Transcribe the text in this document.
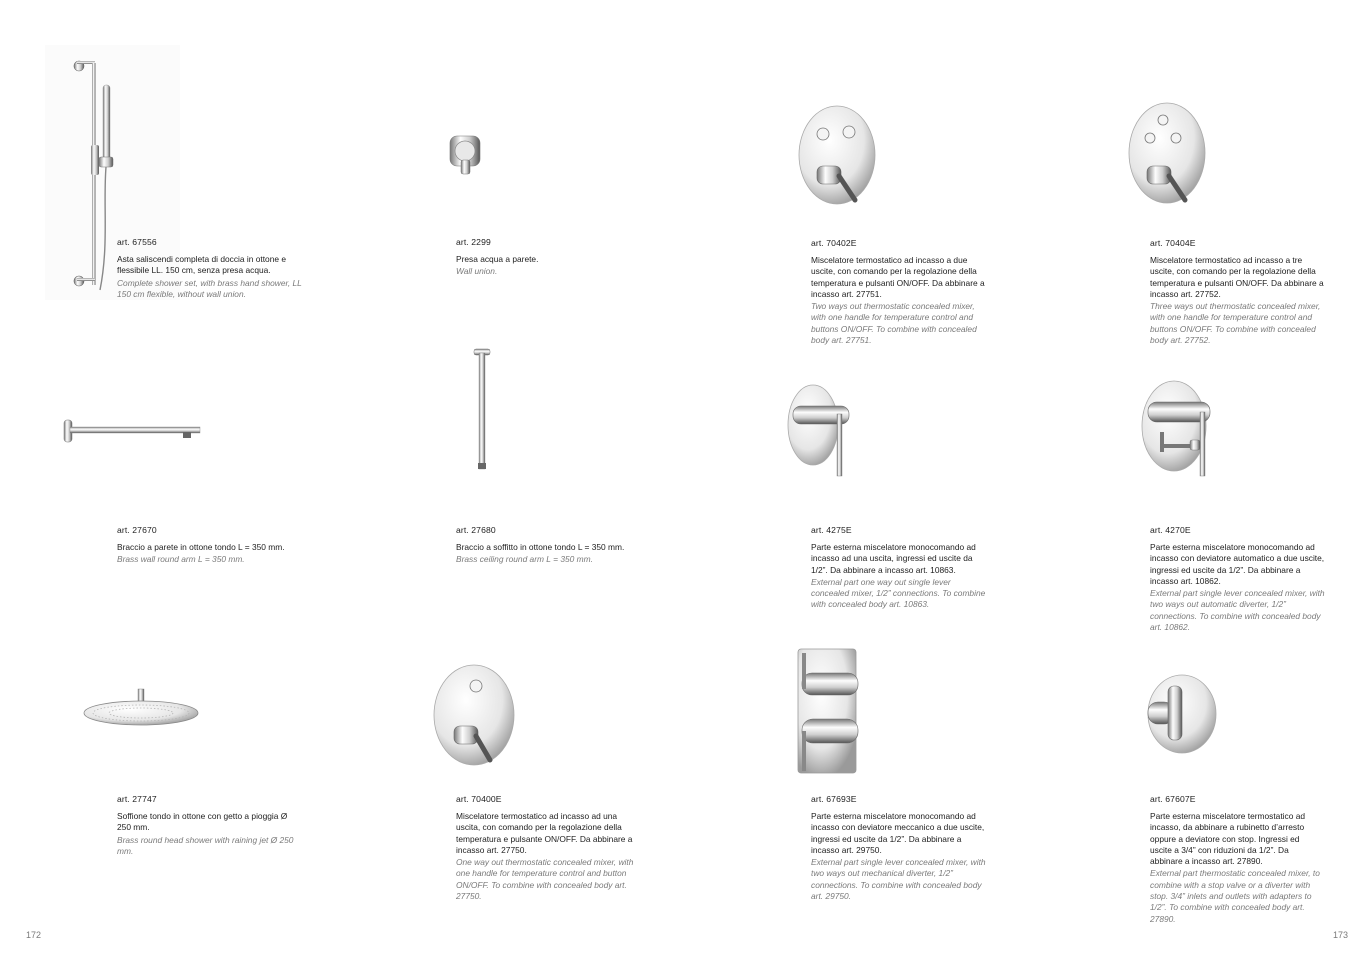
art. 67556

Asta saliscendi completa di doccia in ottone e flessibile LL. 150 cm, senza presa acqua.

Complete shower set, with brass hand shower, LL 150 cm flexible, without wall union.

art. 2299

Presa acqua a parete.

Wall union.

art. 70402E

Miscelatore termostatico ad incasso a due uscite, con comando per la regolazione della temperatura e pulsanti ON/OFF. Da abbinare a incasso art. 27751.

Two ways out thermostatic concealed mixer, with one handle for temperature control and buttons ON/OFF. To combine with concealed body art. 27751.

art. 70404E

Miscelatore termostatico ad incasso a tre uscite, con comando per la regolazione della temperatura e pulsanti ON/OFF. Da abbinare a incasso art. 27752.

Three ways out thermostatic concealed mixer, with one handle for temperature control and buttons ON/OFF. To combine with concealed body art. 27752.

art. 27670

Braccio a parete in ottone tondo L = 350 mm.

Brass wall round arm L = 350 mm.

art. 27680

Braccio a soffitto in ottone tondo L = 350 mm.

Brass ceiling round arm L = 350 mm.

art. 4275E

Parte esterna miscelatore monocomando ad incasso ad una uscita, ingressi ed uscite da 1/2”. Da abbinare a incasso art. 10863.

External part one way out single lever concealed mixer, 1/2” connections. To combine with concealed body art. 10863.

art. 4270E

Parte esterna miscelatore monocomando ad incasso con deviatore automatico a due uscite, ingressi ed uscite da 1/2”. Da abbinare a incasso art. 10862.

External part single lever concealed mixer, with two ways out automatic diverter, 1/2” connections. To combine with concealed body art. 10862.

art. 27747

Soffione tondo in ottone con getto a pioggia Ø 250 mm.

Brass round head shower with raining jet Ø 250 mm.

art. 70400E

Miscelatore termostatico ad incasso ad una uscita, con comando per la regolazione della temperatura e pulsante ON/OFF. Da abbinare a incasso art. 27750.

One way out thermostatic concealed mixer, with one handle for temperature control and button ON/OFF. To combine with concealed body art. 27750.

art. 67693E

Parte esterna miscelatore monocomando ad incasso con deviatore meccanico a due uscite, ingressi ed uscite da 1/2”. Da abbinare a incasso art. 29750.

External part single lever concealed mixer, with two ways out mechanical diverter, 1/2” connections. To combine with concealed body art. 29750.

art. 67607E

Parte esterna miscelatore termostatico ad incasso, da abbinare a rubinetto d’arresto oppure a deviatore con stop. Ingressi ed uscite a 3/4” con riduzioni da 1/2”. Da abbinare a incasso art. 27890.

External part thermostatic concealed mixer, to combine with a stop valve or a diverter with stop. 3/4” inlets and outlets with adapters to 1/2”. To combine with concealed body art. 27890.

172	173
